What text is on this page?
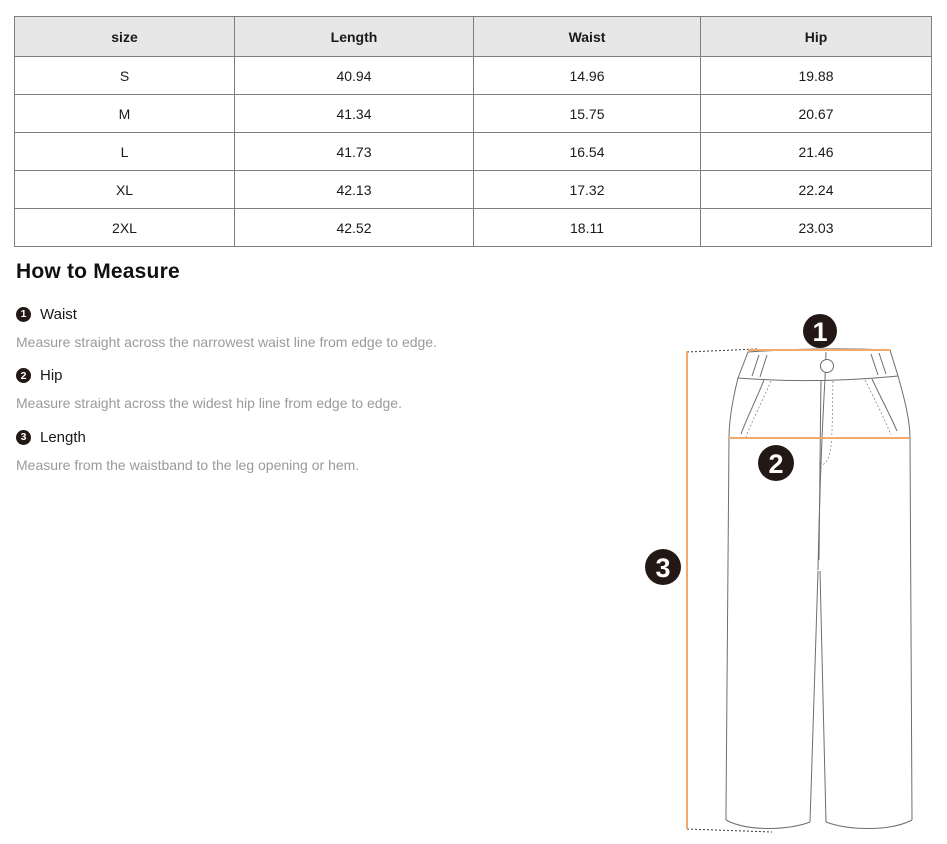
size	Length	Waist	Hip
S	40.94	14.96	19.88
M	41.34	15.75	20.67
L	41.73	16.54	21.46
XL	42.13	17.32	22.24
2XL	42.52	18.11	23.03
How to Measure

1 Waist

Measure straight across the narrowest waist line from edge to edge.

2 Hip

Measure straight across the widest hip line from edge to edge.

3 Length

Measure from the waistband to the leg opening or hem.

1
2
3
